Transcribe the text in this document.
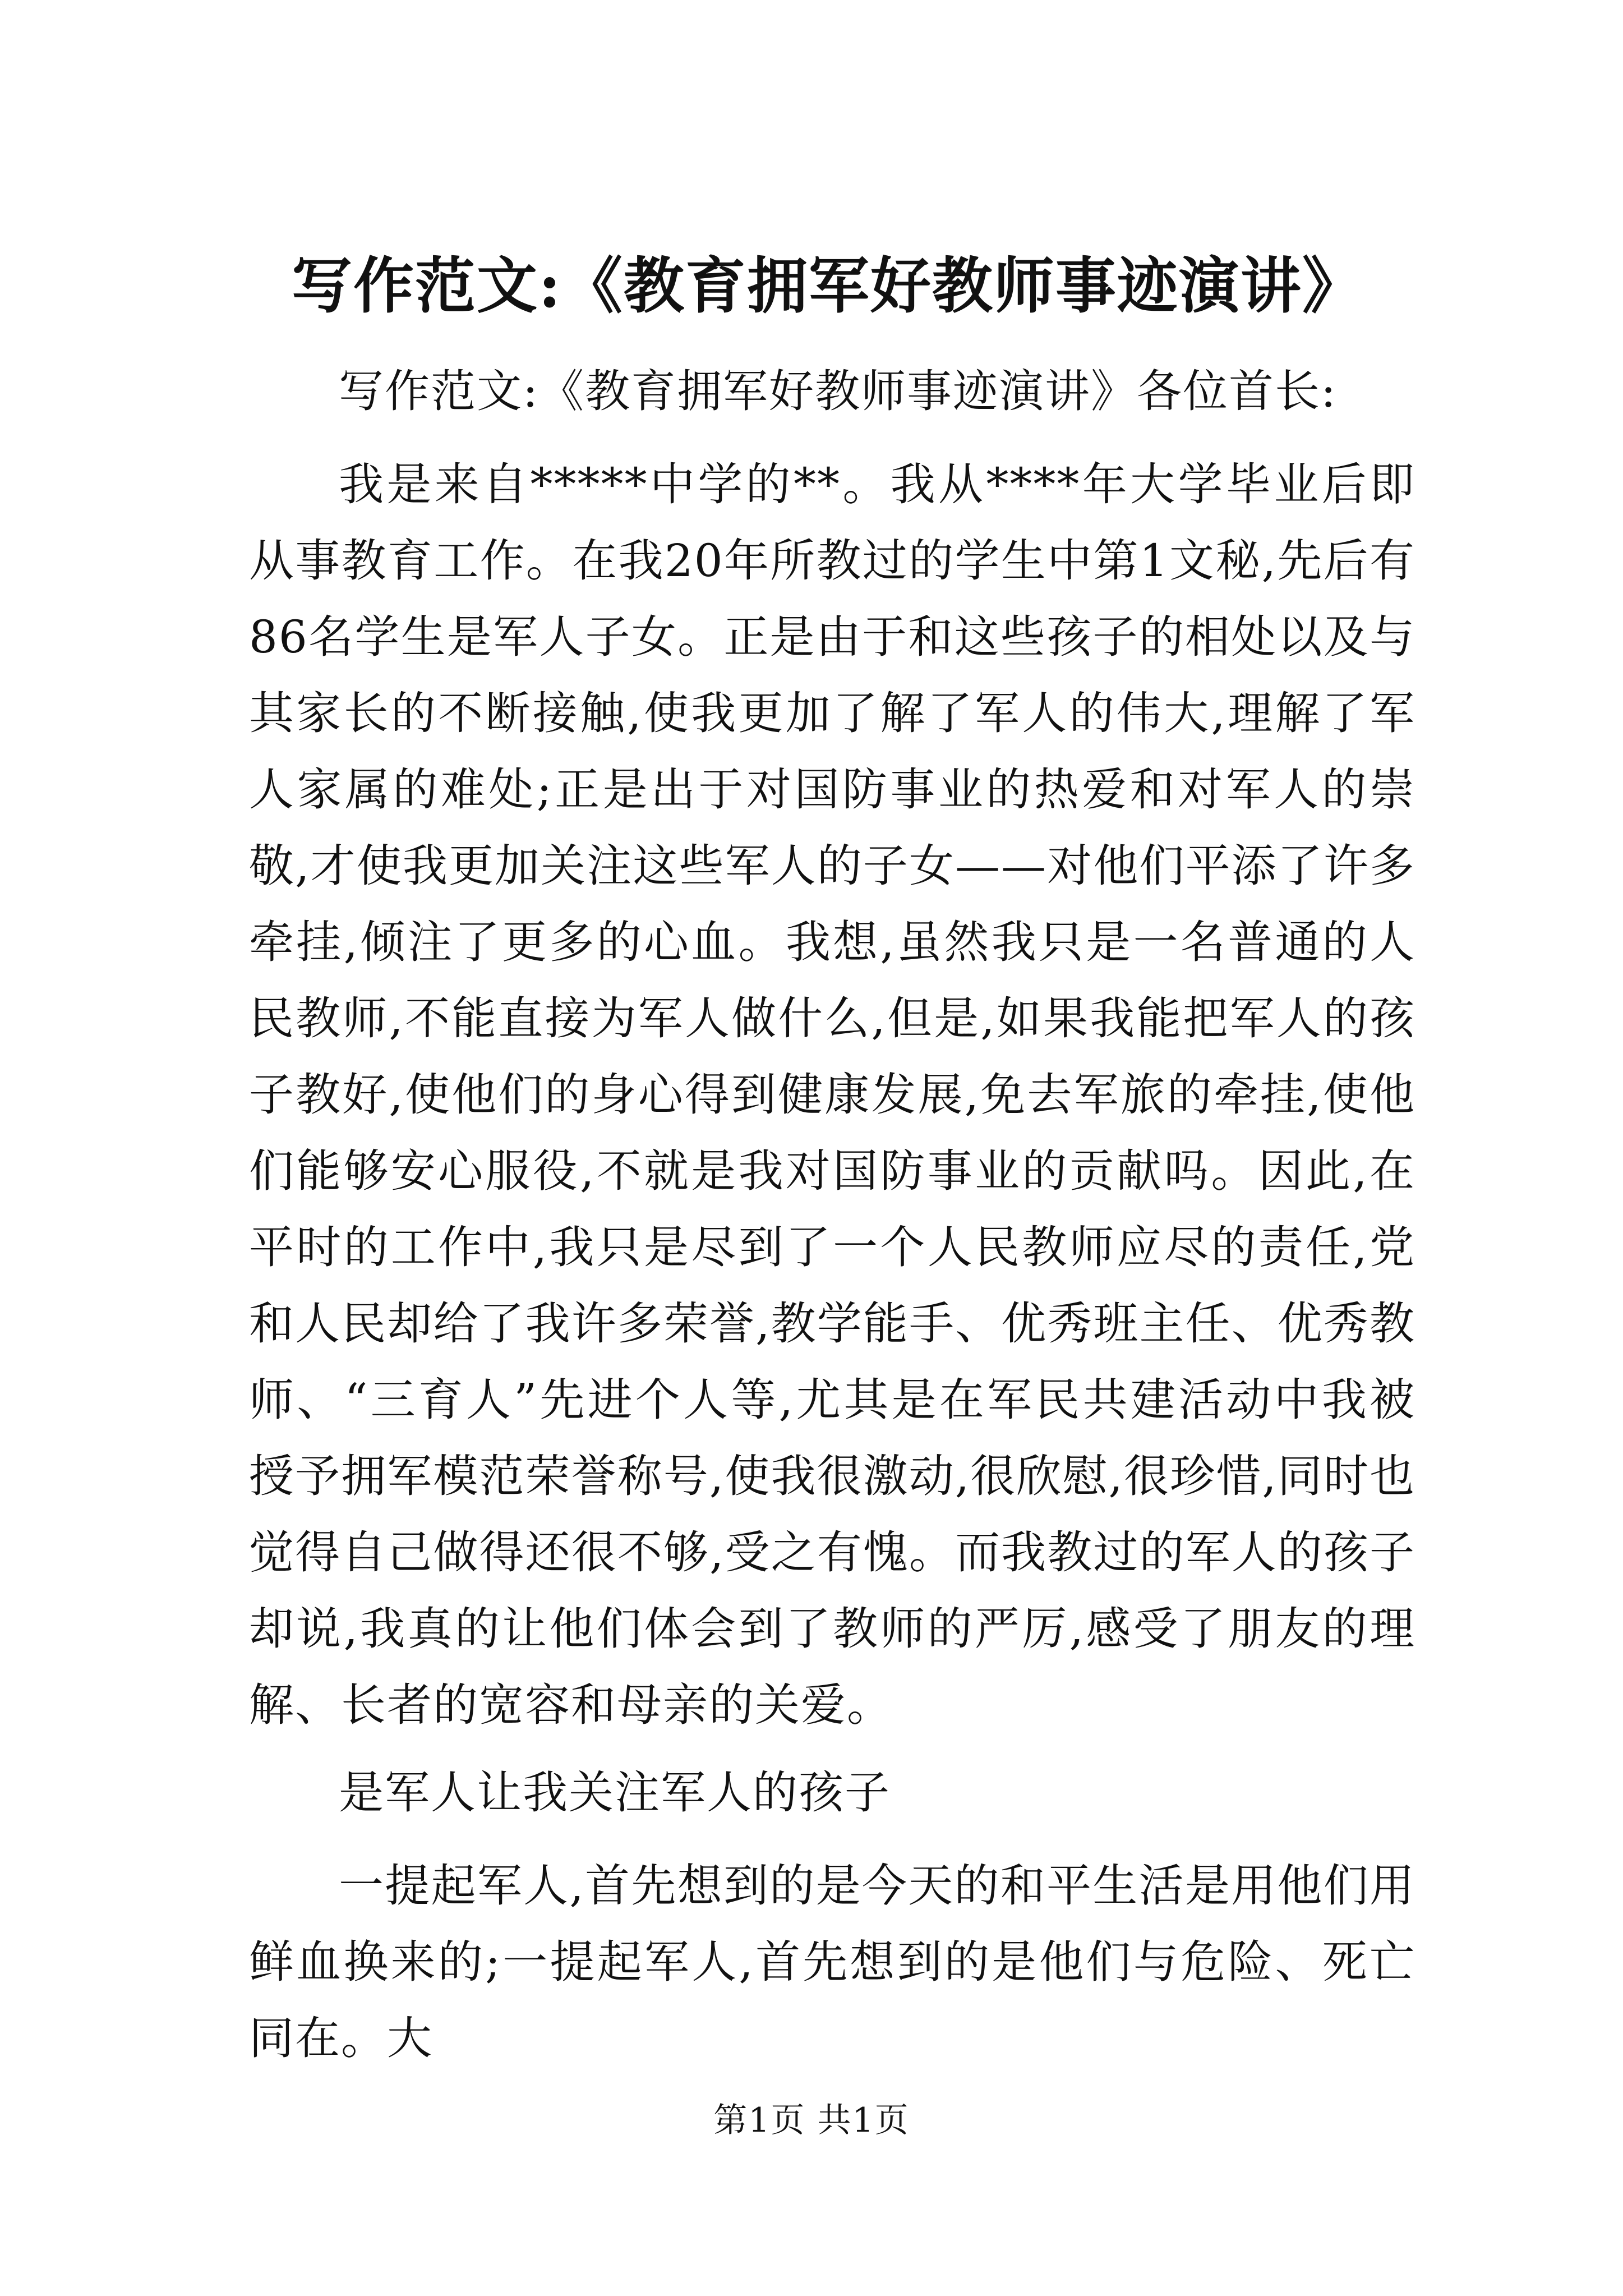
写作范文:《教育拥军好教师事迹演讲》

写作范文:《教育拥军好教师事迹演讲》各位首长:

我是来自*****中学的**。我从****年大学毕业后即从事教育工作。在我20年所教过的学生中第1文秘,先后有86名学生是军人子女。正是由于和这些孩子的相处以及与其家长的不断接触,使我更加了解了军人的伟大,理解了军人家属的难处;正是出于对国防事业的热爱和对军人的崇敬,才使我更加关注这些军人的子女——对他们平添了许多牵挂,倾注了更多的心血。我想,虽然我只是一名普通的人民教师,不能直接为军人做什么,但是,如果我能把军人的孩子教好,使他们的身心得到健康发展,免去军旅的牵挂,使他们能够安心服役,不就是我对国防事业的贡献吗。因此,在平时的工作中,我只是尽到了一个人民教师应尽的责任,党和人民却给了我许多荣誉,教学能手、优秀班主任、优秀教师、“三育人”先进个人等,尤其是在军民共建活动中我被授予拥军模范荣誉称号,使我很激动,很欣慰,很珍惜,同时也觉得自己做得还很不够,受之有愧。而我教过的军人的孩子却说,我真的让他们体会到了教师的严厉,感受了朋友的理解、长者的宽容和母亲的关爱。

是军人让我关注军人的孩子

一提起军人,首先想到的是今天的和平生活是用他们用鲜血换来的;一提起军人,首先想到的是他们与危险、死亡同在。大

第1页 共1页
